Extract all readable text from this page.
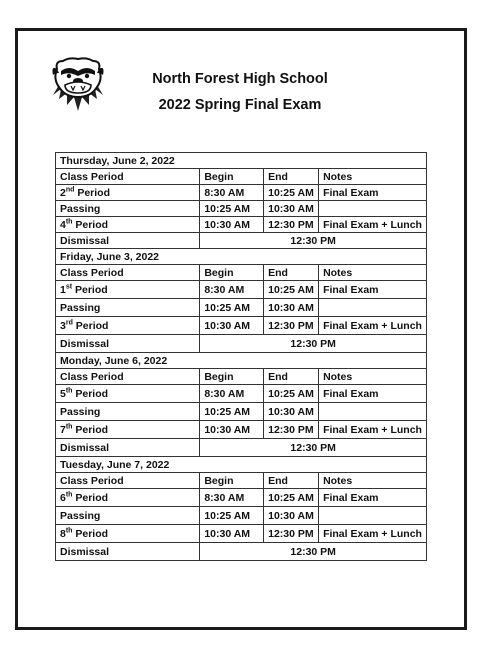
North Forest High School
2022 Spring Final Exam
Thursday, June 2, 2022			
Class Period	Begin	End	Notes
2nd Period	8:30 AM	10:25 AM	Final Exam
Passing	10:25 AM	10:30 AM	
4th Period	10:30 AM	12:30 PM	Final Exam + Lunch
Dismissal	12:30 PM		
Friday, June 3, 2022			
Class Period	Begin	End	Notes
1st Period	8:30 AM	10:25 AM	Final Exam
Passing	10:25 AM	10:30 AM	
3rd Period	10:30 AM	12:30 PM	Final Exam + Lunch
Dismissal	12:30 PM		
Monday, June 6, 2022			
Class Period	Begin	End	Notes
5th Period	8:30 AM	10:25 AM	Final Exam
Passing	10:25 AM	10:30 AM	
7th Period	10:30 AM	12:30 PM	Final Exam + Lunch
Dismissal	12:30 PM		
Tuesday, June 7, 2022			
Class Period	Begin	End	Notes
6th Period	8:30 AM	10:25 AM	Final Exam
Passing	10:25 AM	10:30 AM	
8th Period	10:30 AM	12:30 PM	Final Exam + Lunch
Dismissal	12:30 PM		
